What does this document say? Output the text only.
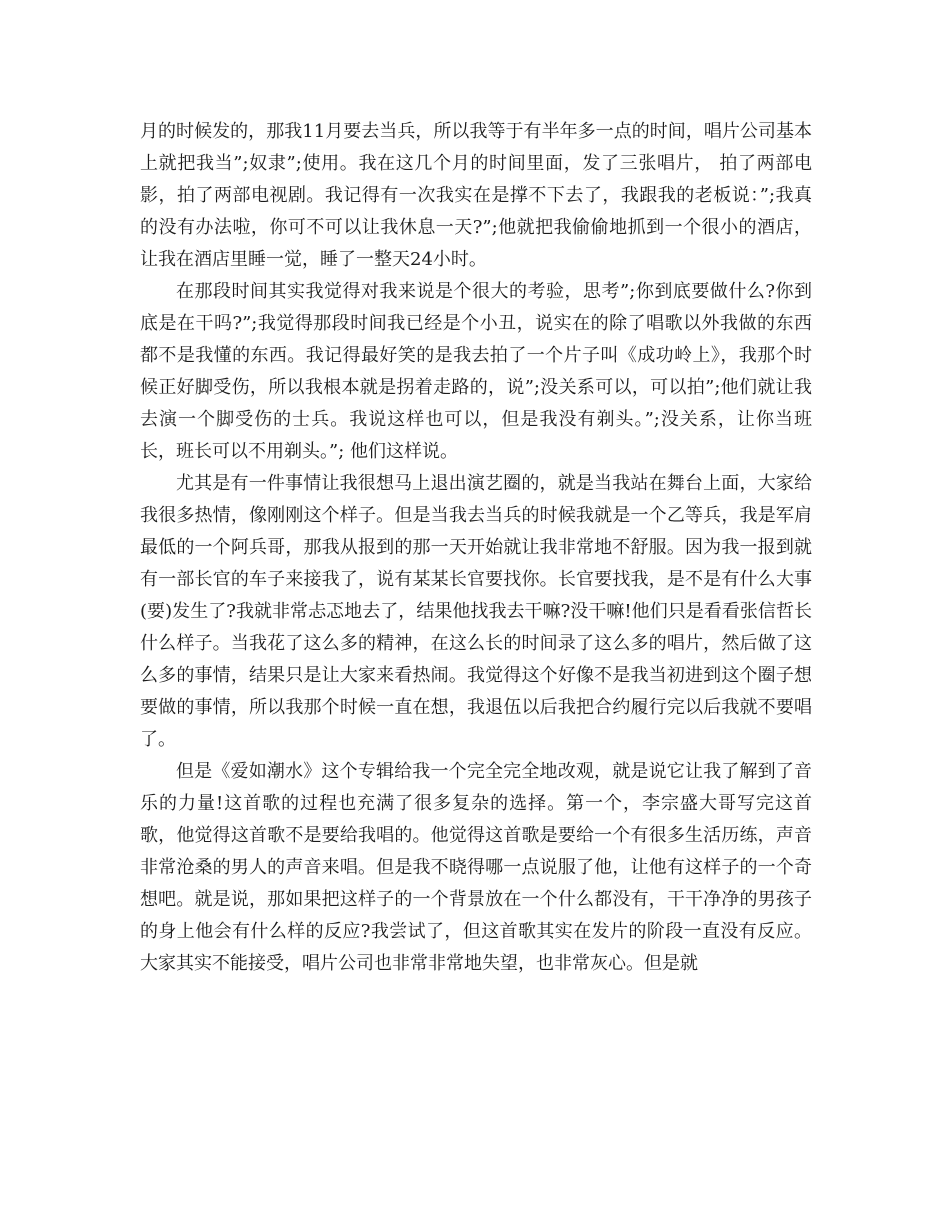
月的时候发的，那我11月要去当兵，所以我等于有半年多一点的时间，唱片公司基本上就把我当”;奴隶”;使用。我在这几个月的时间里面，发了三张唱片， 拍了两部电影，拍了两部电视剧。我记得有一次我实在是撑不下去了，我跟我的老板说：”;我真的没有办法啦，你可不可以让我休息一天?”;他就把我偷偷地抓到一个很小的酒店，让我在酒店里睡一觉，睡了一整天24小时。

在那段时间其实我觉得对我来说是个很大的考验，思考”;你到底要做什么?你到底是在干吗?”;我觉得那段时间我已经是个小丑，说实在的除了唱歌以外我做的东西都不是我懂的东西。我记得最好笑的是我去拍了一个片子叫《成功岭上》，我那个时候正好脚受伤，所以我根本就是拐着走路的，说”;没关系可以，可以拍”;他们就让我去演一个脚受伤的士兵。我说这样也可以，但是我没有剃头。”;没关系，让你当班长，班长可以不用剃头。”; 他们这样说。

尤其是有一件事情让我很想马上退出演艺圈的，就是当我站在舞台上面，大家给我很多热情，像刚刚这个样子。但是当我去当兵的时候我就是一个乙等兵，我是军肩最低的一个阿兵哥，那我从报到的那一天开始就让我非常地不舒服。因为我一报到就有一部长官的车子来接我了，说有某某长官要找你。长官要找我，是不是有什么大事(要)发生了?我就非常忐忑地去了，结果他找我去干嘛?没干嘛!他们只是看看张信哲长什么样子。当我花了这么多的精神，在这么长的时间录了这么多的唱片，然后做了这么多的事情，结果只是让大家来看热闹。我觉得这个好像不是我当初进到这个圈子想要做的事情，所以我那个时候一直在想，我退伍以后我把合约履行完以后我就不要唱了。

但是《爱如潮水》这个专辑给我一个完全完全地改观，就是说它让我了解到了音乐的力量!这首歌的过程也充满了很多复杂的选择。第一个，李宗盛大哥写完这首歌，他觉得这首歌不是要给我唱的。他觉得这首歌是要给一个有很多生活历练，声音非常沧桑的男人的声音来唱。但是我不晓得哪一点说服了他，让他有这样子的一个奇想吧。就是说，那如果把这样子的一个背景放在一个什么都没有，干干净净的男孩子的身上他会有什么样的反应?我尝试了，但这首歌其实在发片的阶段一直没有反应。大家其实不能接受，唱片公司也非常非常地失望，也非常灰心。但是就
